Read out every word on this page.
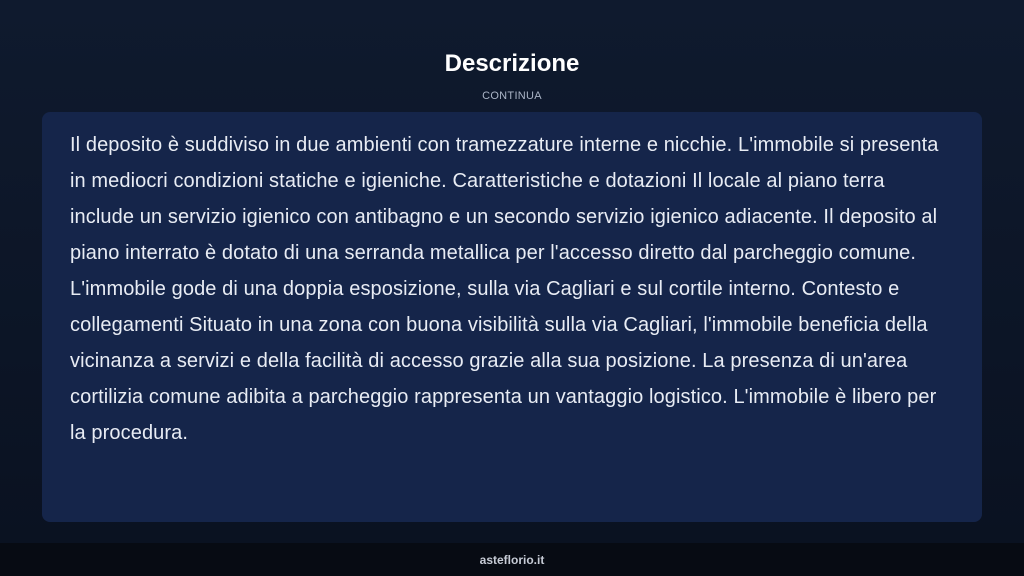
Descrizione
CONTINUA

Il deposito è suddiviso in due ambienti con tramezzature interne e nicchie. L'immobile si presenta in mediocri condizioni statiche e igieniche. Caratteristiche e dotazioni Il locale al piano terra include un servizio igienico con antibagno e un secondo servizio igienico adiacente. Il deposito al piano interrato è dotato di una serranda metallica per l'accesso diretto dal parcheggio comune. L'immobile gode di una doppia esposizione, sulla via Cagliari e sul cortile interno. Contesto e collegamenti Situato in una zona con buona visibilità sulla via Cagliari, l'immobile beneficia della vicinanza a servizi e della facilità di accesso grazie alla sua posizione. La presenza di un'area cortilizia comune adibita a parcheggio rappresenta un vantaggio logistico. L'immobile è libero per la procedura.

asteflorio.it
